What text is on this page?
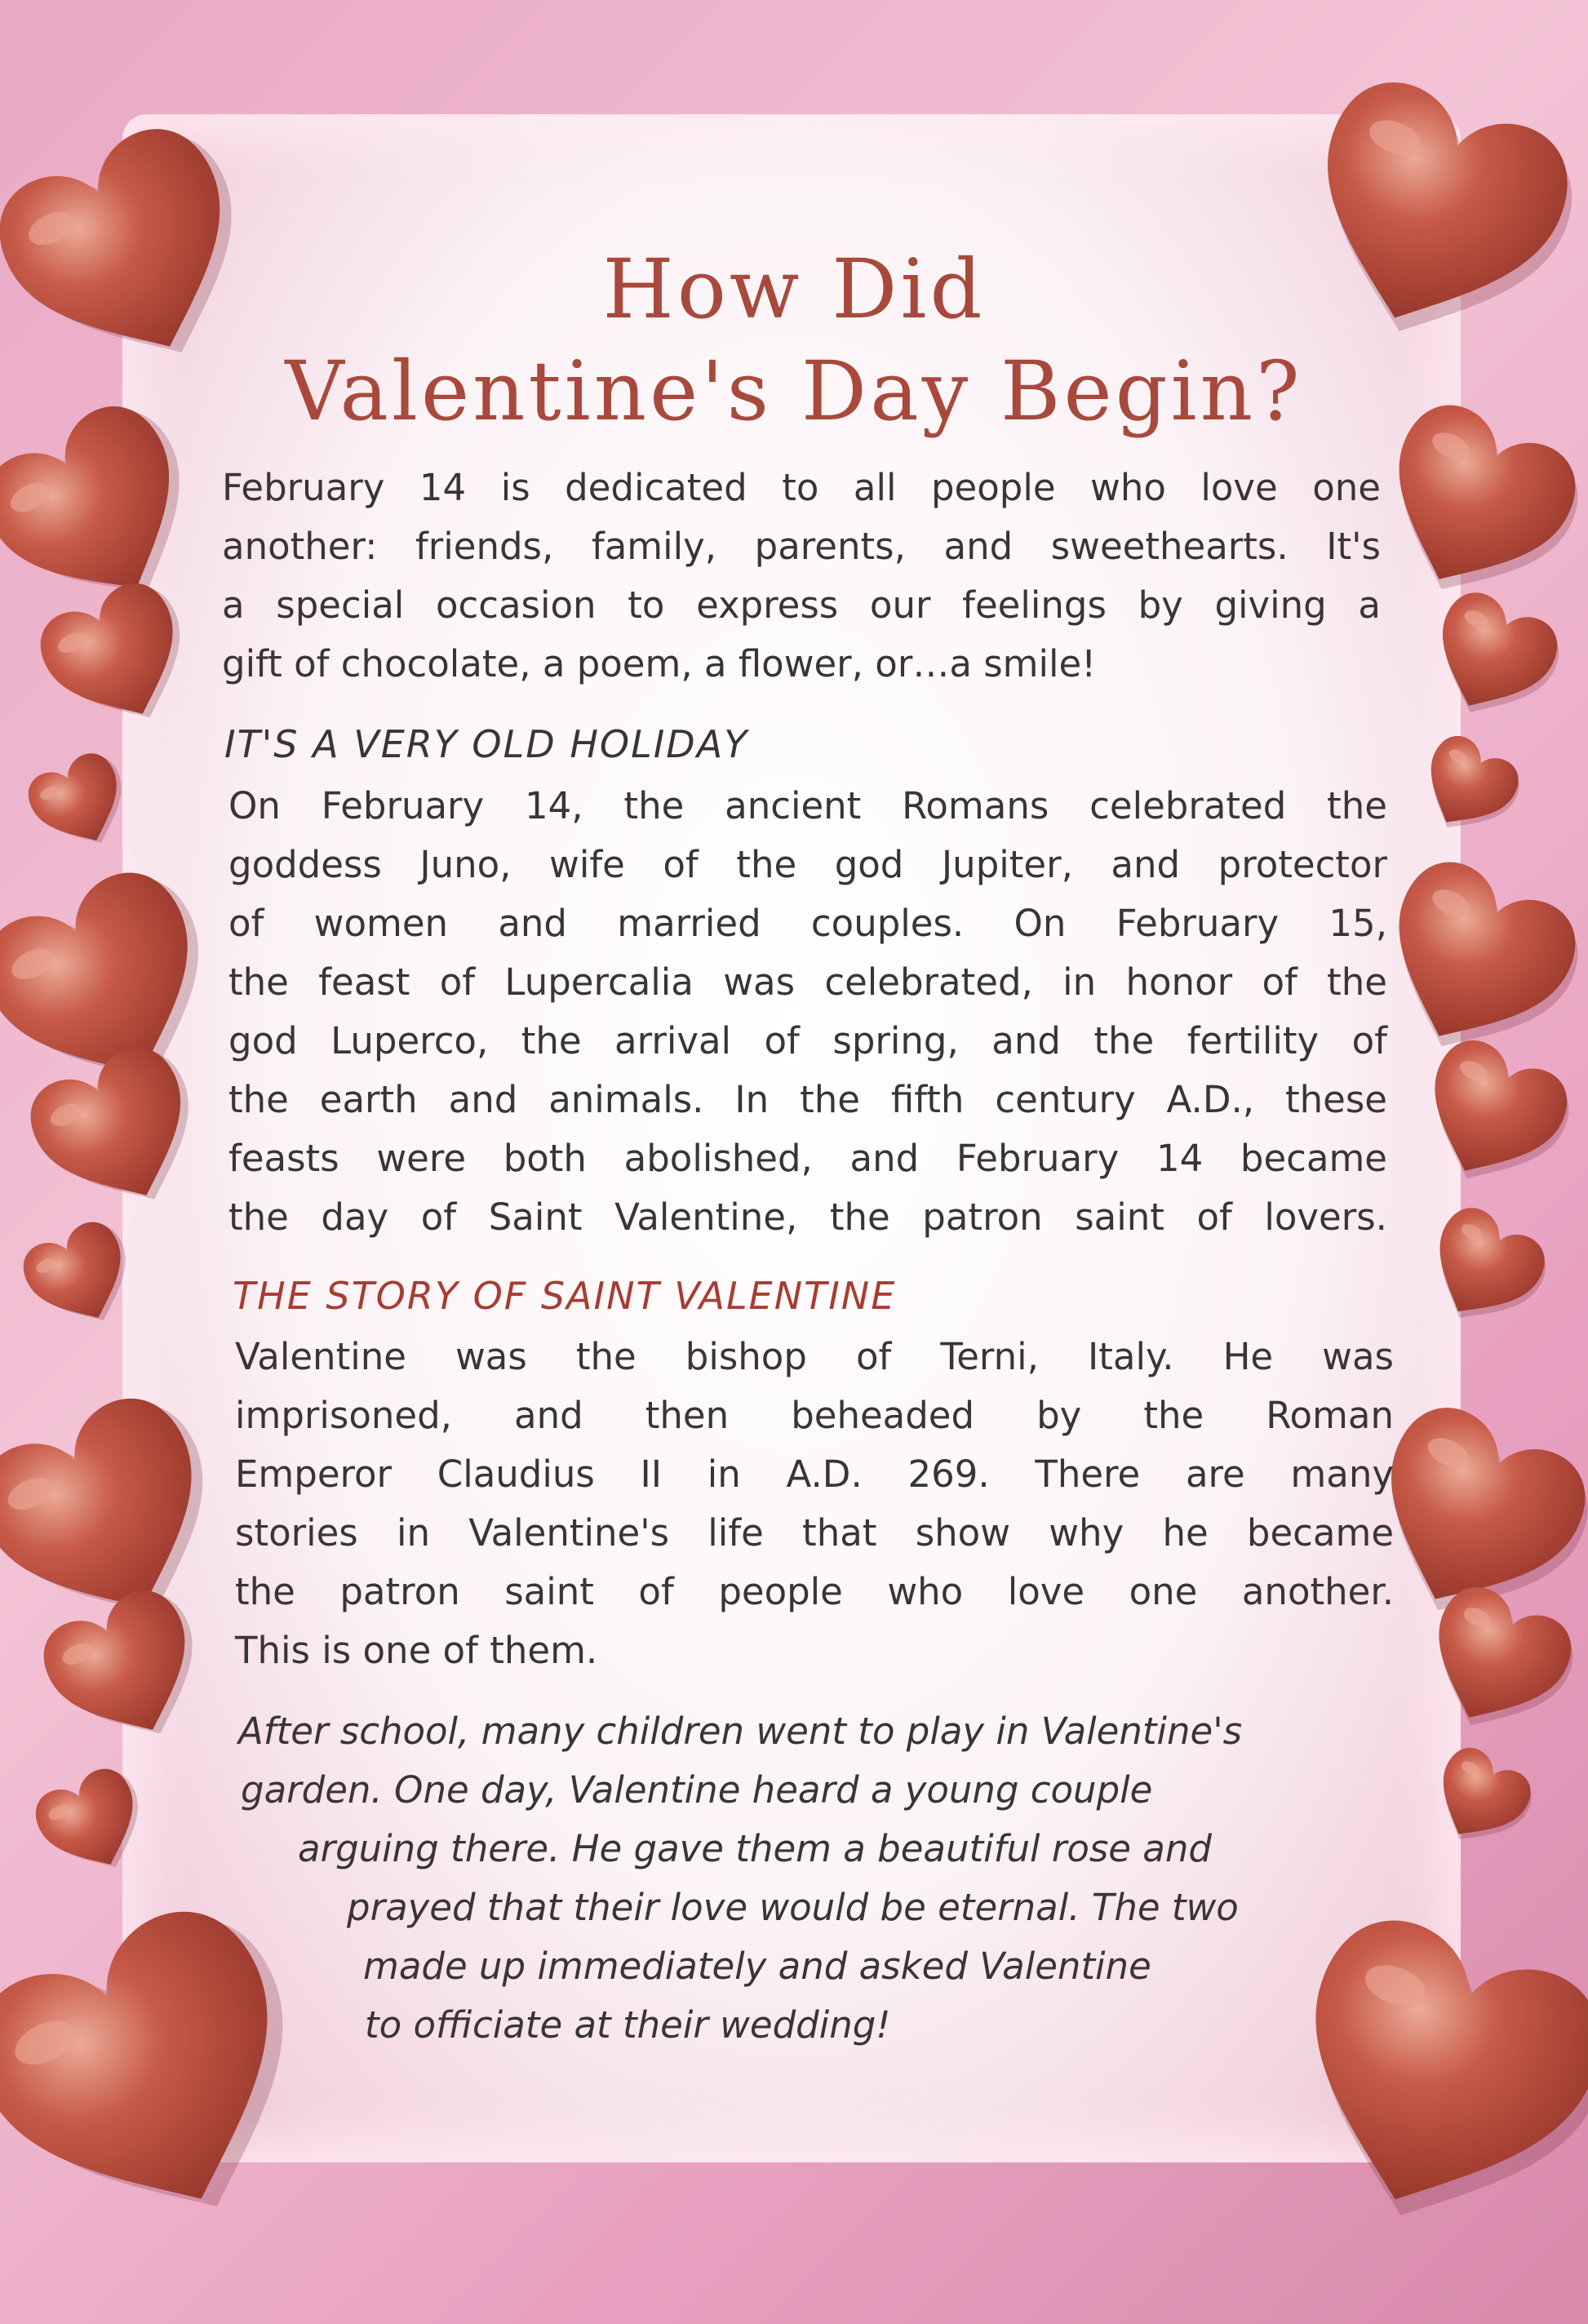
How Did
Valentine's Day Begin?
February 14 is dedicated to all people who love one
another: friends, family, parents, and sweethearts. It's
a special occasion to express our feelings by giving a
gift of chocolate, a poem, a flower, or…a smile!
IT'S A VERY OLD HOLIDAY
On February 14, the ancient Romans celebrated the
goddess Juno, wife of the god Jupiter, and protector
of women and married couples. On February 15,
the feast of Lupercalia was celebrated, in honor of the
god Luperco, the arrival of spring, and the fertility of
the earth and animals. In the fifth century A.D., these
feasts were both abolished, and February 14 became
the day of Saint Valentine, the patron saint of lovers.
THE STORY OF SAINT VALENTINE
Valentine was the bishop of Terni, Italy. He was
imprisoned, and then beheaded by the Roman
Emperor Claudius II in A.D. 269. There are many
stories in Valentine's life that show why he became
the patron saint of people who love one another.
This is one of them.
After school, many children went to play in Valentine's
garden. One day, Valentine heard a young couple
arguing there. He gave them a beautiful rose and
prayed that their love would be eternal. The two
made up immediately and asked Valentine
to officiate at their wedding!
